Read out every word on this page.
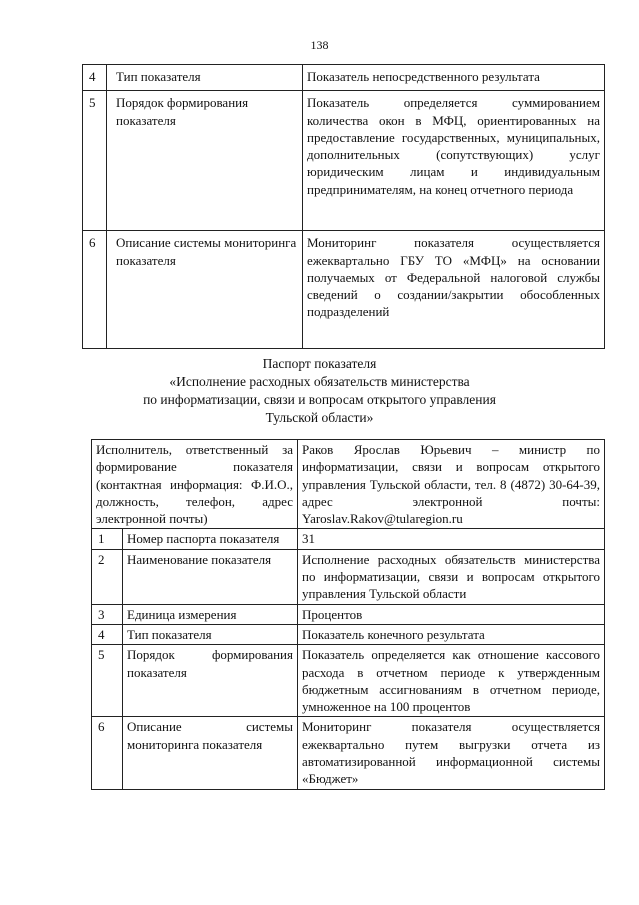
138
4	Тип показателя	Показатель непосредственного результата
5	Порядок формирования показателя	Показатель определяется суммированием количества окон в МФЦ, ориентированных на предоставление государственных, муниципальных, дополнительных (сопутствующих) услуг юридическим лицам и индивидуальным предпринимателям, на конец отчетного периода
6	Описание системы мониторинга показателя	Мониторинг показателя осуществляется ежеквартально ГБУ ТО «МФЦ» на основании получаемых от Федеральной налоговой службы сведений о создании/закрытии обособленных подразделений
Паспорт показателя
«Исполнение расходных обязательств министерства
по информатизации, связи и вопросам открытого управления
Тульской области»
Исполнитель, ответственный за формирование показателя (контактная информация: Ф.И.О., должность, телефон, адрес электронной почты)		Раков Ярослав Юрьевич – министр по информатизации, связи и вопросам открытого управления Тульской области, тел. 8 (4872) 30-64-39, адрес электронной почты: Yaroslav.Rakov@tularegion.ru
1	Номер паспорта показателя	31
2	Наименование показателя	Исполнение расходных обязательств министерства по информатизации, связи и вопросам открытого управления Тульской области
3	Единица измерения	Процентов
4	Тип показателя	Показатель конечного результата
5	Порядок формирования показателя	Показатель определяется как отношение кассового расхода в отчетном периоде к утвержденным бюджетным ассигнованиям в отчетном периоде, умноженное на 100 процентов
6	Описание системы мониторинга показателя	Мониторинг показателя осуществляется ежеквартально путем выгрузки отчета из автоматизированной информационной системы «Бюджет»
